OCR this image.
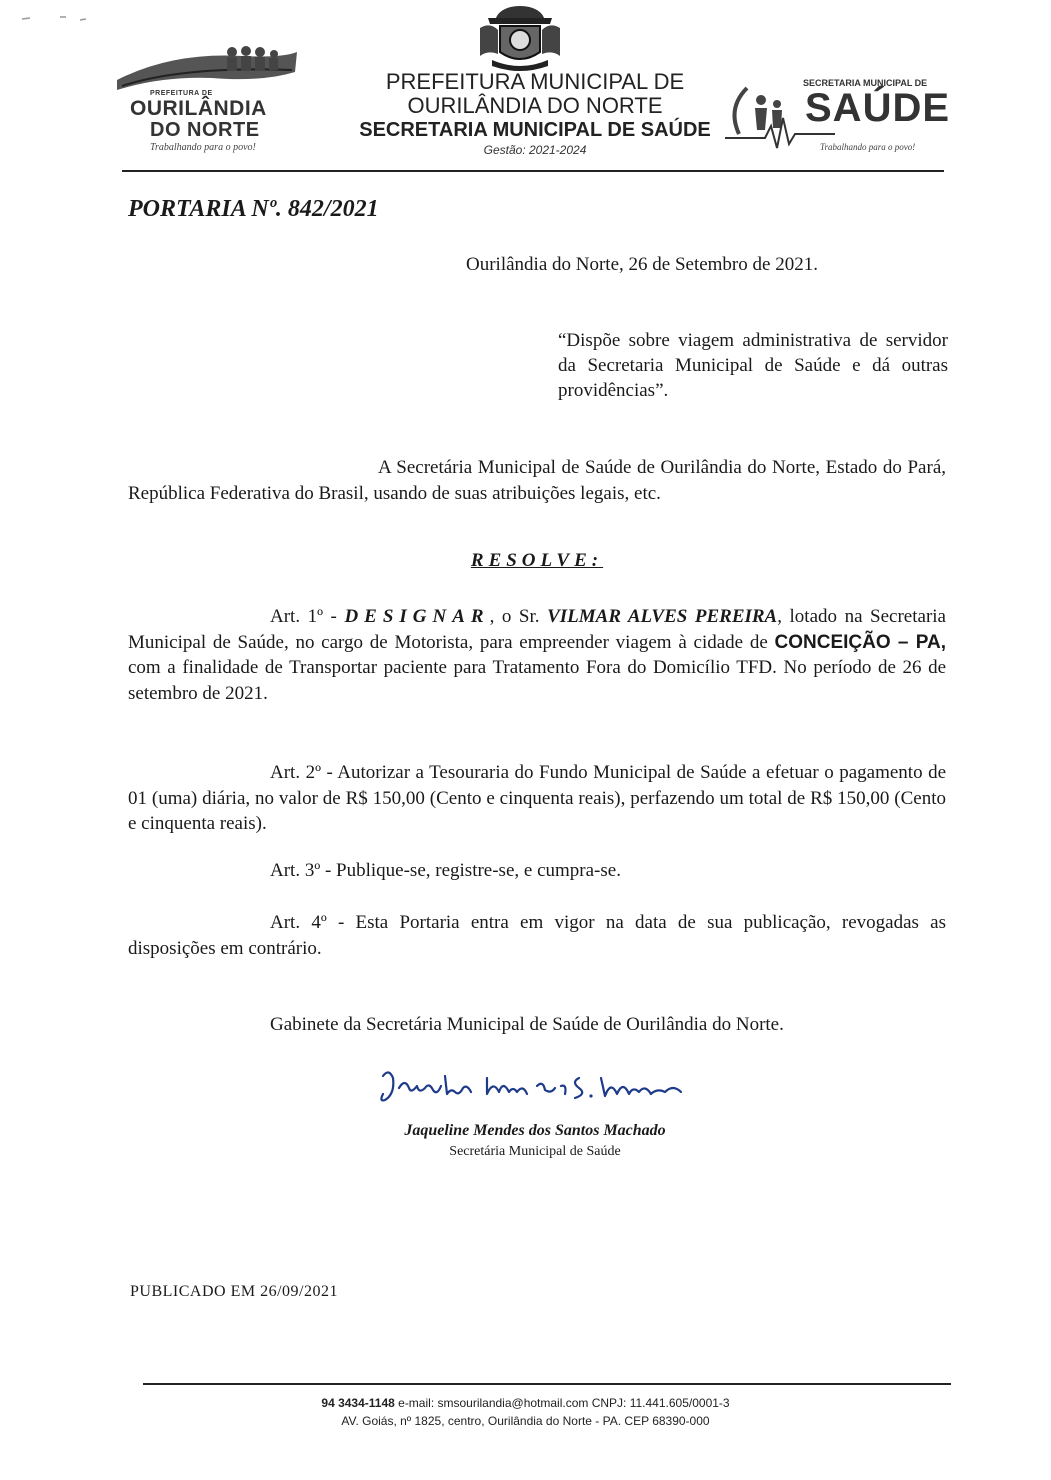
PREFEITURA DE
OURILÂNDIA
DO NORTE
Trabalhando para o povo!
PREFEITURA MUNICIPAL DE
OURILÂNDIA DO NORTE
SECRETARIA MUNICIPAL DE SAÚDE
Gestão: 2021-2024
SECRETARIA MUNICIPAL DE
SAÚDE
Trabalhando para o povo!
PORTARIA Nº. 842/2021
Ourilândia do Norte, 26 de Setembro de 2021.
“Dispõe sobre viagem administrativa de servidor da Secretaria Municipal de Saúde e dá outras providências”.
A Secretária Municipal de Saúde de Ourilândia do Norte, Estado do Pará, República Federativa do Brasil, usando de suas atribuições legais, etc.
RESOLVE:
Art. 1º - DESIGNAR, o Sr. VILMAR ALVES PEREIRA, lotado na Secretaria Municipal de Saúde, no cargo de Motorista, para empreender viagem à cidade de CONCEIÇÃO – PA, com a finalidade de Transportar paciente para Tratamento Fora do Domicílio TFD. No período de 26 de setembro de 2021.
Art. 2º - Autorizar a Tesouraria do Fundo Municipal de Saúde a efetuar o pagamento de 01 (uma) diária, no valor de R$ 150,00 (Cento e cinquenta reais), perfazendo um total de R$ 150,00 (Cento e cinquenta reais).
Art. 3º - Publique-se, registre-se, e cumpra-se.
Art. 4º - Esta Portaria entra em vigor na data de sua publicação, revogadas as disposições em contrário.
Gabinete da Secretária Municipal de Saúde de Ourilândia do Norte.
Jaqueline Mendes dos Santos Machado
Secretária Municipal de Saúde
PUBLICADO EM 26/09/2021
94 3434-1148 e-mail: smsourilandia@hotmail.com CNPJ: 11.441.605/0001-3
AV. Goiás, nº 1825, centro, Ourilândia do Norte - PA. CEP 68390-000
